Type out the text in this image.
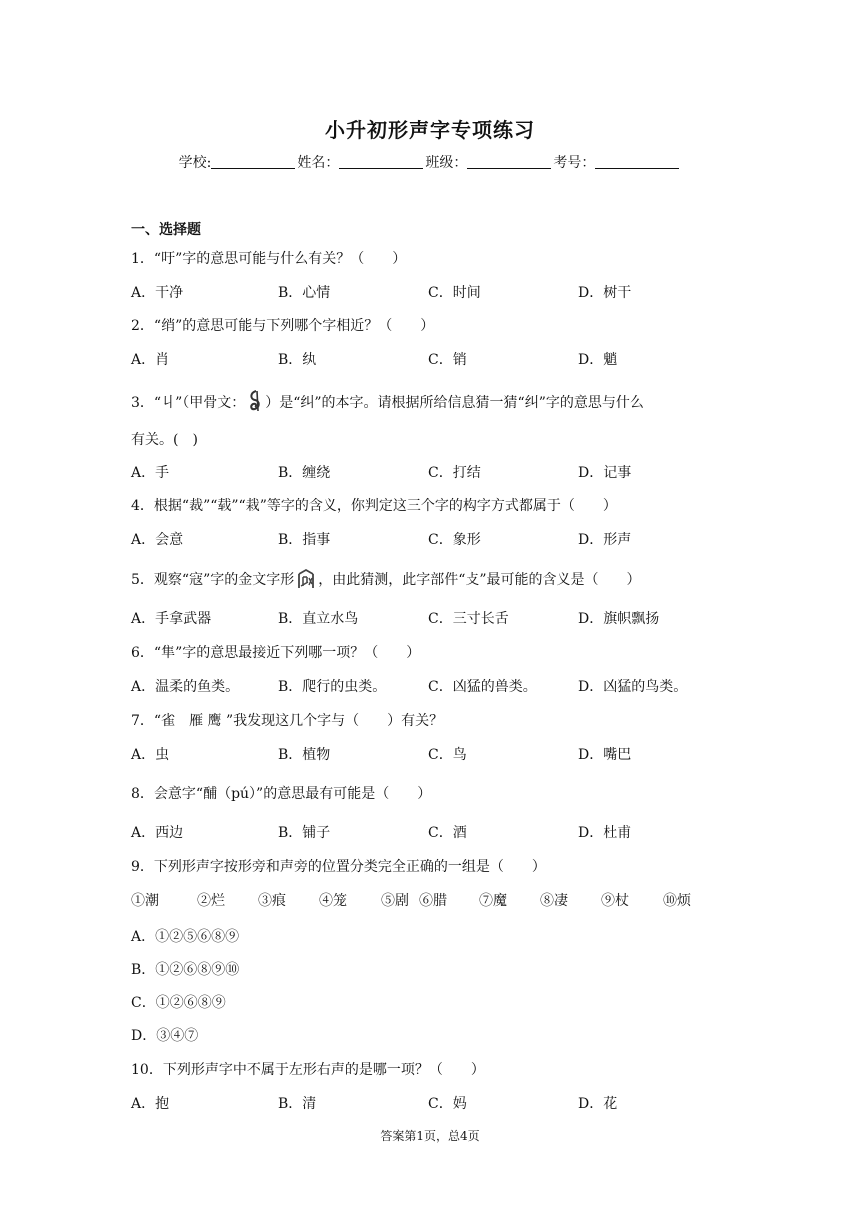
小升初形声字专项练习
学校:	姓名：	班级：	考号：
一、选择题
1．“吁”字的意思可能与什么有关？（　　）
A．干净	B．心情	C．时间	D．树干
2．“绡”的意思可能与下列哪个字相近？（　　）
A．肖	B．纨	C．销	D．魈
3．“丩”（甲骨文： ）是“纠”的本字。请根据所给信息猜一猜“纠”字的意思与什么
有关。(　)
A．手	B．缠绕	C．打结	D．记事
4．根据“裁”“载”“栽”等字的含义，你判定这三个字的构字方式都属于（　　）
A．会意	B．指事	C．象形	D．形声
5．观察“寇”字的金文字形 ，由此猜测，此字部件“攴”最可能的含义是（　　）
A．手拿武器	B．直立水鸟	C．三寸长舌	D．旗帜飘扬
6．“隼”字的意思最接近下列哪一项？（　　）
A．温柔的鱼类。	B．爬行的虫类。	C．凶猛的兽类。	D．凶猛的鸟类。
7．“雀　雁 鹰 ”我发现这几个字与（　　）有关？
A．虫	B．植物	C．鸟	D．嘴巴
8．会意字“酺（pú）”的意思最有可能是（　　）
A．西边	B．铺子	C．酒	D．杜甫
9．下列形声字按形旁和声旁的位置分类完全正确的一组是（　　）
①潮	②烂 ③痕 ④笼 ⑤剧 ⑥腊 ⑦魔 ⑧凄 ⑨杖 ⑩烦
A．①②⑤⑥⑧⑨
B．①②⑥⑧⑨⑩
C．①②⑥⑧⑨
D．③④⑦
10．下列形声字中不属于左形右声的是哪一项？（　　）
A．抱	B．清	C．妈	D．花
答案第1页，总4页
